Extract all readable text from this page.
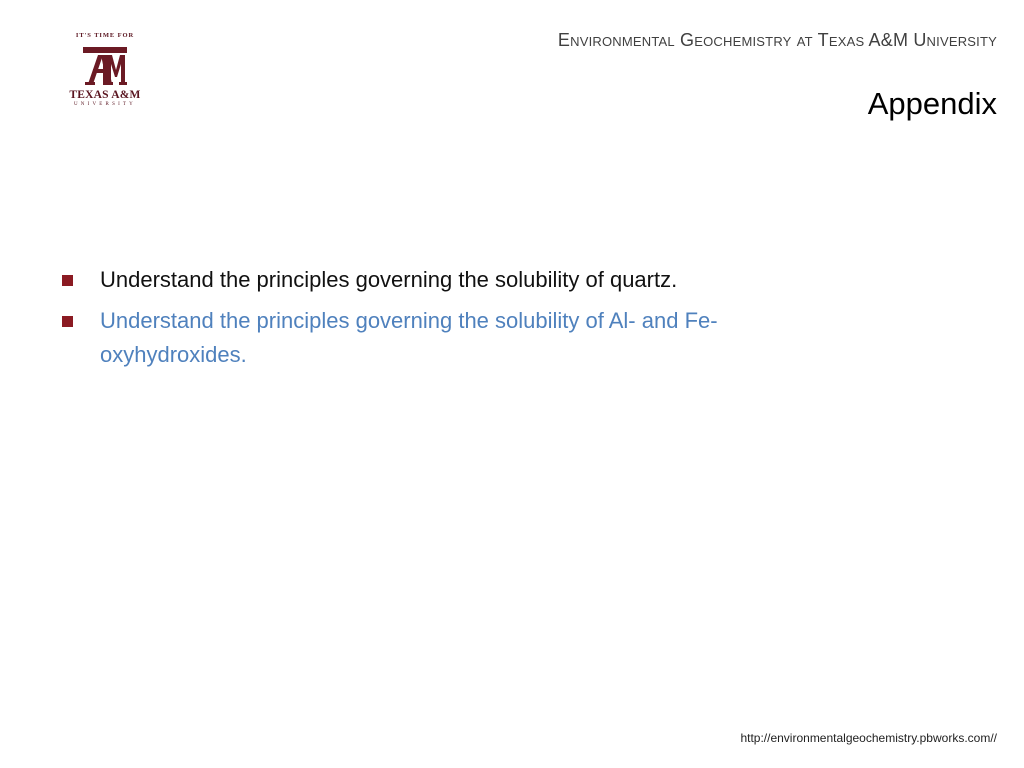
IT'S TIME FOR
TEXAS A&M
UNIVERSITY
Environmental Geochemistry at Texas A&M University
Appendix
Understand the principles governing the solubility of quartz.
Understand the principles governing the solubility of Al- and Fe-oxyhydroxides.
http://environmentalgeochemistry.pbworks.com//
